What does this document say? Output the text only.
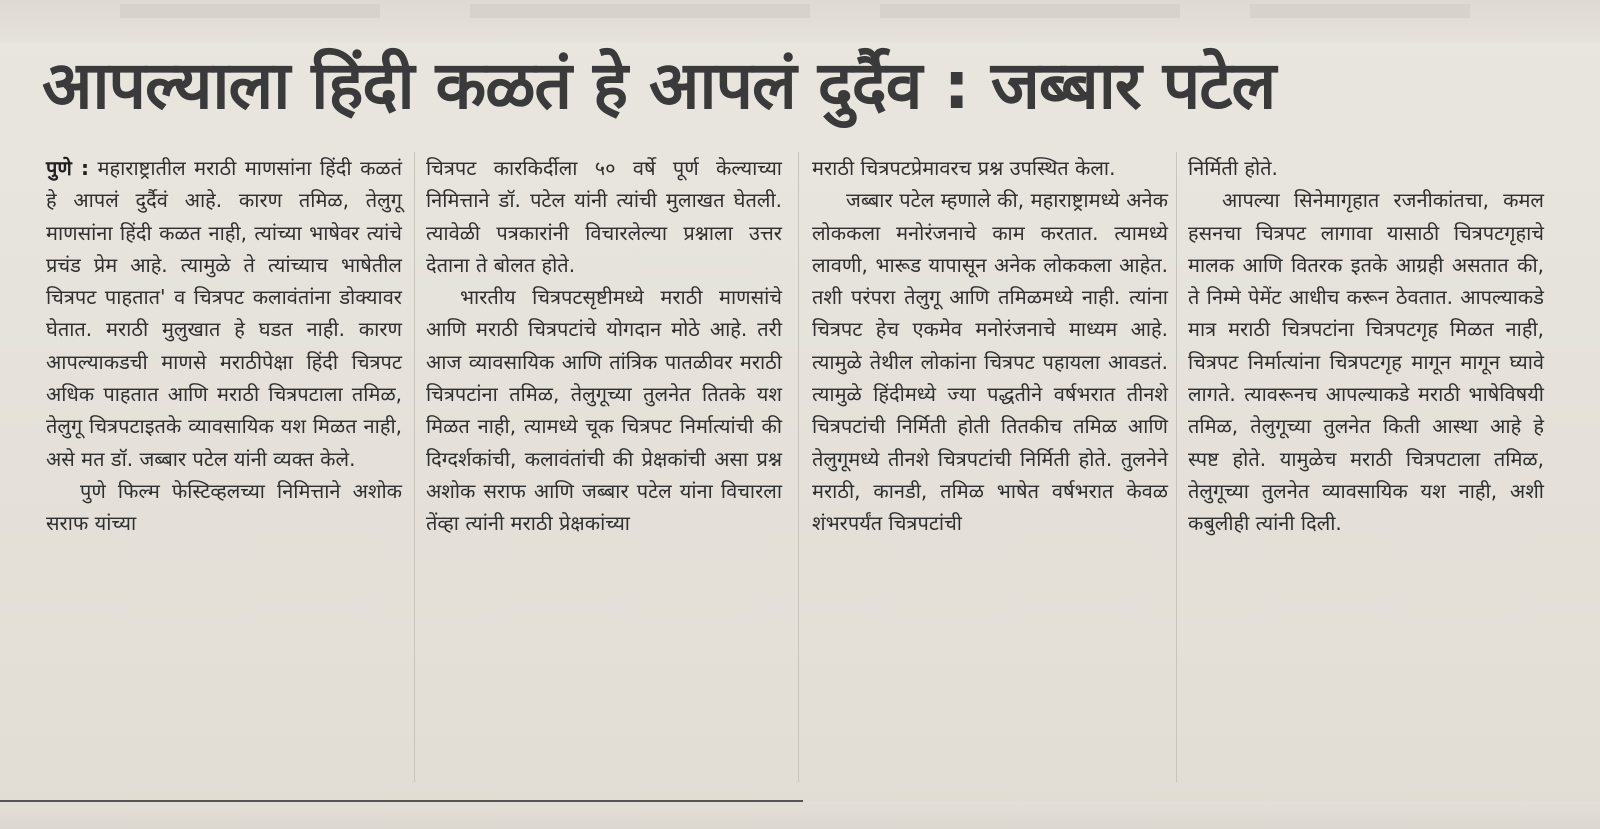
आपल्याला हिंदी कळतं हे आपलं दुर्दैव : जब्बार पटेल

पुणे : महाराष्ट्रातील मराठी माणसांना हिंदी कळतं हे आपलं दुर्दैवं आहे. कारण तमिळ, तेलुगू माणसांना हिंदी कळत नाही, त्यांच्या भाषेवर त्यांचे प्रचंड प्रेम आहे. त्यामुळे ते त्यांच्याच भाषेतील चित्रपट पाहतात' व चित्रपट कलावंतांना डोक्यावर घेतात. मराठी मुलुखात हे घडत नाही. कारण आपल्याकडची माणसे मराठीपेक्षा हिंदी चित्रपट अधिक पाहतात आणि मराठी चित्रपटाला तमिळ, तेलुगू चित्रपटाइतके व्यावसायिक यश मिळत नाही, असे मत डॉ. जब्बार पटेल यांनी व्यक्त केले.

पुणे फिल्म फेस्टिव्हलच्या निमित्ताने अशोक सराफ यांच्या

चित्रपट कारकिर्दीला ५० वर्षे पूर्ण केल्याच्या निमित्ताने डॉ. पटेल यांनी त्यांची मुलाखत घेतली. त्यावेळी पत्रकारांनी विचारलेल्या प्रश्नाला उत्तर देताना ते बोलत होते.

भारतीय चित्रपटसृष्टीमध्ये मराठी माणसांचे आणि मराठी चित्रपटांचे योगदान मोठे आहे. तरी आज व्यावसायिक आणि तांत्रिक पातळीवर मराठी चित्रपटांना तमिळ, तेलुगूच्या तुलनेत तितके यश मिळत नाही, त्यामध्ये चूक चित्रपट निर्मात्यांची की दिग्दर्शकांची, कलावंतांची की प्रेक्षकांची असा प्रश्न अशोक सराफ आणि जब्बार पटेल यांना विचारला तेंव्हा त्यांनी मराठी प्रेक्षकांच्या

मराठी चित्रपटप्रेमावरच प्रश्न उपस्थित केला.

जब्बार पटेल म्हणाले की, महाराष्ट्रामध्ये अनेक लोककला मनोरंजनाचे काम करतात. त्यामध्ये लावणी, भारूड यापासून अनेक लोककला आहेत. तशी परंपरा तेलुगू आणि तमिळमध्ये नाही. त्यांना चित्रपट हेच एकमेव मनोरंजनाचे माध्यम आहे. त्यामुळे तेथील लोकांना चित्रपट पहायला आवडतं. त्यामुळे हिंदीमध्ये ज्या पद्धतीने वर्षभरात तीनशे चित्रपटांची निर्मिती होती तितकीच तमिळ आणि तेलुगूमध्ये तीनशे चित्रपटांची निर्मिती होते. तुलनेने मराठी, कानडी, तमिळ भाषेत वर्षभरात केवळ शंभरपर्यंत चित्रपटांची

निर्मिती होते.

आपल्या सिनेमागृहात रजनीकांतचा, कमल हसनचा चित्रपट लागावा यासाठी चित्रपटगृहाचे मालक आणि वितरक इतके आग्रही असतात की, ते निम्मे पेमेंट आधीच करून ठेवतात. आपल्याकडे मात्र मराठी चित्रपटांना चित्रपटगृह मिळत नाही, चित्रपट निर्मात्यांना चित्रपटगृह मागून मागून घ्यावे लागते. त्यावरूनच आपल्याकडे मराठी भाषेविषयी तमिळ, तेलुगूच्या तुलनेत किती आस्था आहे हे स्पष्ट होते. यामुळेच मराठी चित्रपटाला तमिळ, तेलुगूच्या तुलनेत व्यावसायिक यश नाही, अशी कबुलीही त्यांनी दिली.
